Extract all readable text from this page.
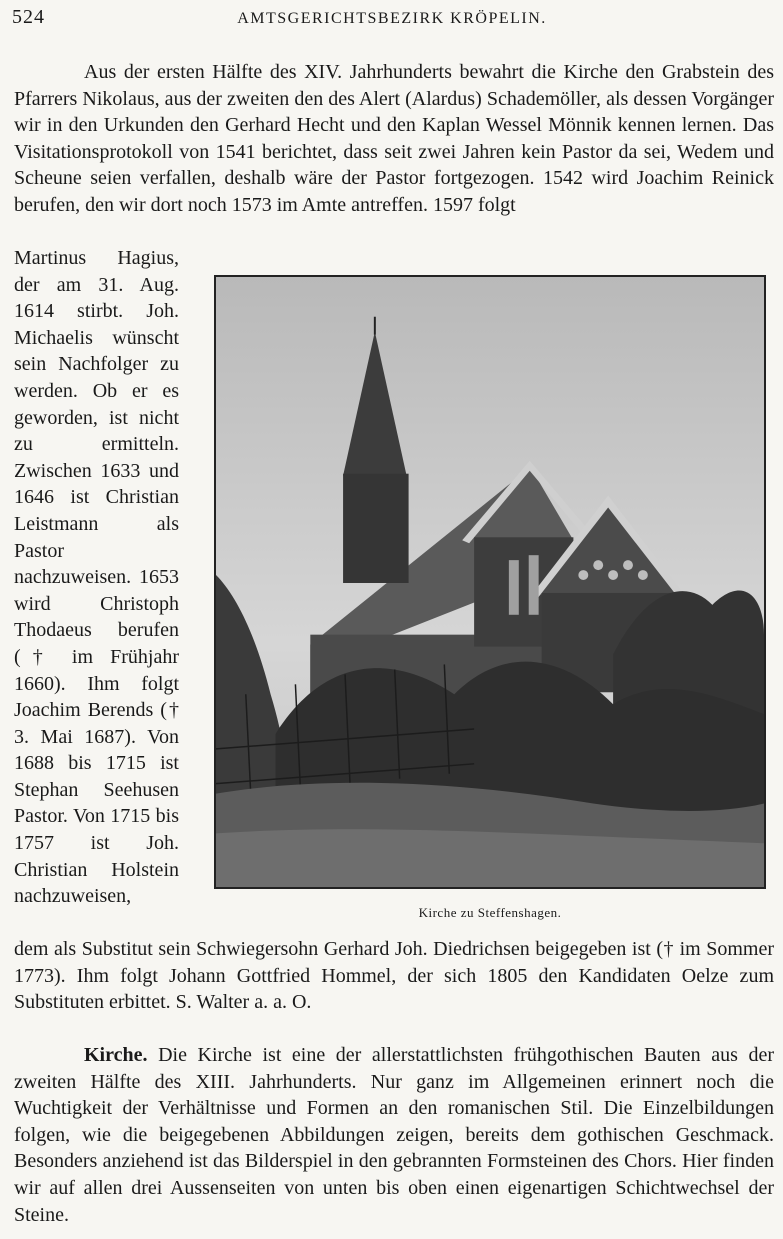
524	AMTSGERICHTSBEZIRK KRÖPELIN.

Aus der ersten Hälfte des XIV. Jahrhunderts bewahrt die Kirche den Grabstein des Pfarrers Nikolaus, aus der zweiten den des Alert (Alardus) Schademöller, als dessen Vorgänger wir in den Urkunden den Gerhard Hecht und den Kaplan Wessel Mönnik kennen lernen. Das Visitationsprotokoll von 1541 berichtet, dass seit zwei Jahren kein Pastor da sei, Wedem und Scheune seien verfallen, deshalb wäre der Pastor fortgezogen. 1542 wird Joachim Reinick berufen, den wir dort noch 1573 im Amte antreffen. 1597 folgt

Martinus Hagius, der am 31. Aug. 1614 stirbt. Joh. Michaelis wünscht sein Nachfolger zu werden. Ob er es geworden, ist nicht zu ermitteln. Zwischen 1633 und 1646 ist Christian Leistmann als Pastor nachzuweisen. 1653 wird Christoph Thodaeus berufen († im Frühjahr 1660). Ihm folgt Joachim Berends († 3. Mai 1687). Von 1688 bis 1715 ist Stephan Seehusen Pastor. Von 1715 bis 1757 ist Joh. Christian Holstein nachzuweisen,

Kirche zu Steffenshagen.

dem als Substitut sein Schwiegersohn Gerhard Joh. Diedrichsen beigegeben ist († im Sommer 1773). Ihm folgt Johann Gottfried Hommel, der sich 1805 den Kandidaten Oelze zum Substituten erbittet. S. Walter a. a. O.

Kirche. Die Kirche ist eine der allerstattlichsten frühgothischen Bauten aus der zweiten Hälfte des XIII. Jahrhunderts. Nur ganz im Allgemeinen erinnert noch die Wuchtigkeit der Verhältnisse und Formen an den romanischen Stil. Die Einzelbildungen folgen, wie die beigegebenen Abbildungen zeigen, bereits dem gothischen Geschmack. Besonders anziehend ist das Bilderspiel in den gebrannten Formsteinen des Chors. Hier finden wir auf allen drei Aussenseiten von unten bis oben einen eigenartigen Schichtwechsel der Steine.
